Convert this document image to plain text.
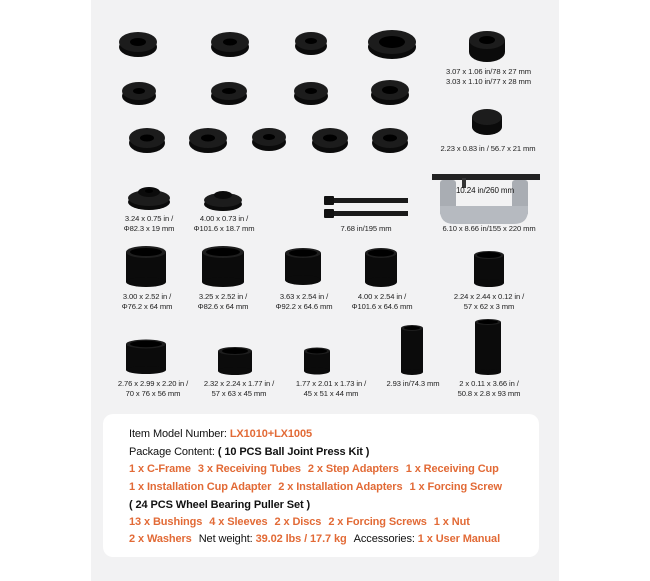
3.07 x 1.06 in/78 x 27 mm
3.03 x 1.10 in/77 x 28 mm
2.23 x 0.83 in / 56.7 x 21 mm
3.24 x 0.75 in /
Φ82.3 x 19 mm
4.00 x 0.73 in /
Φ101.6 x 18.7 mm	7.68 in/195 mm
10.24 in/260 mm
6.10 x 8.66 in/155 x 220 mm
3.00 x 2.52 in /
Φ76.2 x 64 mm
3.25 x 2.52 in /
Φ82.6 x 64 mm
3.63 x 2.54 in /
Φ92.2 x 64.6 mm
4.00 x 2.54 in /
Φ101.6 x 64.6 mm
2.24 x 2.44 x 0.12 in /
57 x 62 x 3 mm
2.76 x 2.99 x 2.20 in /
70 x 76 x 56 mm
2.32 x 2.24 x 1.77 in /
57 x 63 x 45 mm
1.77 x 2.01 x 1.73 in /
45 x 51 x 44 mm
2.93 in/74.3 mm	2 x 0.11 x 3.66 in /
50.8 x 2.8 x 93 mm
Item Model Number: LX1010+LX1005
Package Content: ( 10 PCS Ball Joint Press Kit )
1 x C-Frame 3 x Receiving Tubes 2 x Step Adapters 1 x Receiving Cup
1 x Installation Cup Adapter 2 x Installation Adapters 1 x Forcing Screw
( 24 PCS Wheel Bearing Puller Set )
13 x Bushings 4 x Sleeves 2 x Discs 2 x Forcing Screws 1 x Nut
2 x Washers Net weight: 39.02 lbs / 17.7 kg Accessories: 1 x User Manual
